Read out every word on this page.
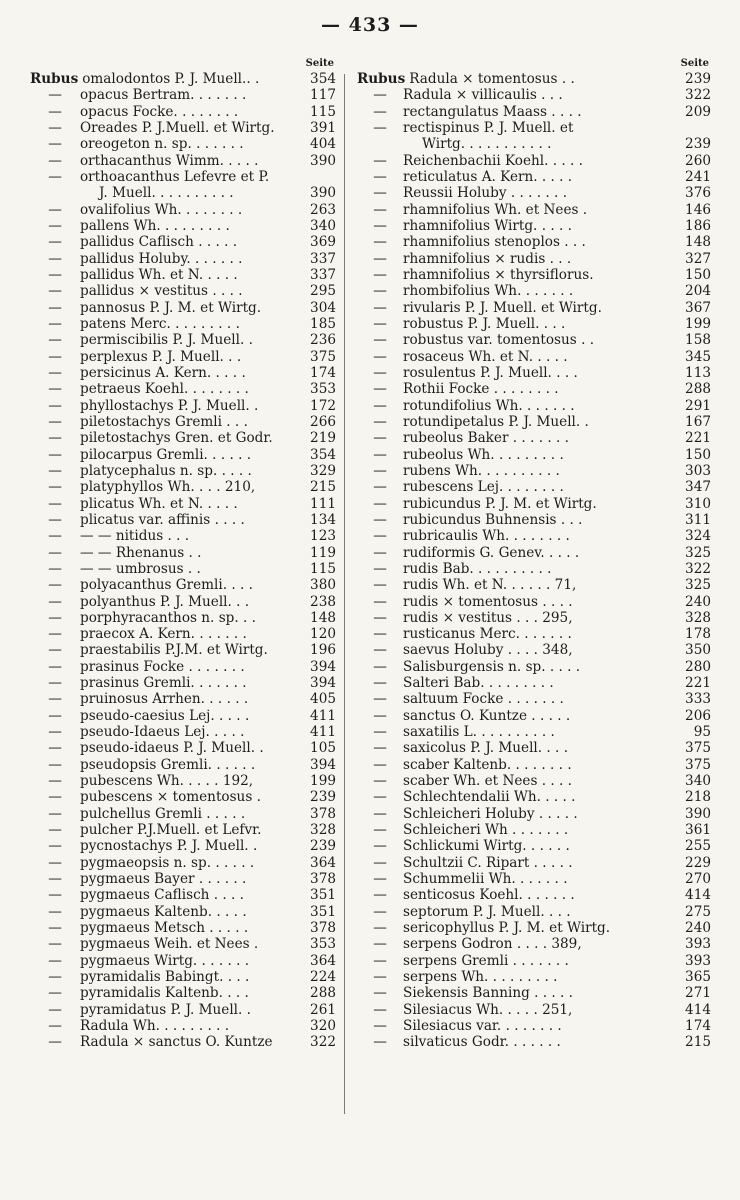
— 433 —
Seite
Rubus omalodontos P. J. Muell.. .	354
—	opacus Bertram. . . . . . .	117
—	opacus Focke. . . . . . . .	115
—	Oreades P. J.Muell. et Wirtg.	391
—	oreogeton n. sp. . . . . . .	404
—	orthacanthus Wimm. . . . .	390
—	orthoacanthus Lefevre et P.
J. Muell. . . . . . . . . .	390
—	ovalifolius Wh. . . . . . . .	263
—	pallens Wh. . . . . . . . .	340
—	pallidus Caflisch . . . . .	369
—	pallidus Holuby. . . . . . .	337
—	pallidus Wh. et N. . . . .	337
—	pallidus × vestitus . . . .	295
—	pannosus P. J. M. et Wirtg.	304
—	patens Merc. . . . . . . . .	185
—	permiscibilis P. J. Muell. .	236
—	perplexus P. J. Muell. . .	375
—	persicinus A. Kern. . . . .	174
—	petraeus Koehl. . . . . . . .	353
—	phyllostachys P. J. Muell. .	172
—	piletostachys Gremli . . .	266
—	piletostachys Gren. et Godr.	219
—	pilocarpus Gremli. . . . . .	354
—	platycephalus n. sp. . . . .	329
—	platyphyllos Wh. . . . 210,	215
—	plicatus Wh. et N. . . . .	111
—	plicatus var. affinis . . . .	134
—	— — nitidus . . .	123
—	— — Rhenanus . .	119
—	— — umbrosus . .	115
—	polyacanthus Gremli. . . .	380
—	polyanthus P. J. Muell. . .	238
—	porphyracanthos n. sp. . .	148
—	praecox A. Kern. . . . . . .	120
—	praestabilis P.J.M. et Wirtg.	196
—	prasinus Focke . . . . . . .	394
—	prasinus Gremli. . . . . . .	394
—	pruinosus Arrhen. . . . . .	405
—	pseudo-caesius Lej. . . . .	411
—	pseudo-Idaeus Lej. . . . .	411
—	pseudo-idaeus P. J. Muell. .	105
—	pseudopsis Gremli. . . . . .	394
—	pubescens Wh. . . . . 192,	199
—	pubescens × tomentosus .	239
—	pulchellus Gremli . . . . .	378
—	pulcher P.J.Muell. et Lefvr.	328
—	pycnostachys P. J. Muell. .	239
—	pygmaeopsis n. sp. . . . . .	364
—	pygmaeus Bayer . . . . . .	378
—	pygmaeus Caflisch . . . .	351
—	pygmaeus Kaltenb. . . . .	351
—	pygmaeus Metsch . . . . .	378
—	pygmaeus Weih. et Nees .	353
—	pygmaeus Wirtg. . . . . . .	364
—	pyramidalis Babingt. . . .	224
—	pyramidalis Kaltenb. . . .	288
—	pyramidatus P. J. Muell. .	261
—	Radula Wh. . . . . . . . .	320
—	Radula × sanctus O. Kuntze	322
Seite
Rubus Radula × tomentosus . .	239
—	Radula × villicaulis . . .	322
—	rectangulatus Maass . . . .	209
—	rectispinus P. J. Muell. et
Wirtg. . . . . . . . . . .	239
—	Reichenbachii Koehl. . . . .	260
—	reticulatus A. Kern. . . . .	241
—	Reussii Holuby . . . . . . .	376
—	rhamnifolius Wh. et Nees .	146
—	rhamnifolius Wirtg. . . . .	186
—	rhamnifolius stenoplos . . .	148
—	rhamnifolius × rudis . . .	327
—	rhamnifolius × thyrsiflorus.	150
—	rhombifolius Wh. . . . . . .	204
—	rivularis P. J. Muell. et Wirtg.	367
—	robustus P. J. Muell. . . .	199
—	robustus var. tomentosus . .	158
—	rosaceus Wh. et N. . . . .	345
—	rosulentus P. J. Muell. . . .	113
—	Rothii Focke . . . . . . . .	288
—	rotundifolius Wh. . . . . . .	291
—	rotundipetalus P. J. Muell. .	167
—	rubeolus Baker . . . . . . .	221
—	rubeolus Wh. . . . . . . . .	150
—	rubens Wh. . . . . . . . . .	303
—	rubescens Lej. . . . . . . .	347
—	rubicundus P. J. M. et Wirtg.	310
—	rubicundus Buhnensis . . .	311
—	rubricaulis Wh. . . . . . . .	324
—	rudiformis G. Genev. . . . .	325
—	rudis Bab. . . . . . . . . .	322
—	rudis Wh. et N. . . . . . 71,	325
—	rudis × tomentosus . . . .	240
—	rudis × vestitus . . . 295,	328
—	rusticanus Merc. . . . . . .	178
—	saevus Holuby . . . . 348,	350
—	Salisburgensis n. sp. . . . .	280
—	Salteri Bab. . . . . . . . .	221
—	saltuum Focke . . . . . . .	333
—	sanctus O. Kuntze . . . . .	206
—	saxatilis L. . . . . . . . . .	95
—	saxicolus P. J. Muell. . . .	375
—	scaber Kaltenb. . . . . . . .	375
—	scaber Wh. et Nees . . . .	340
—	Schlechtendalii Wh. . . . .	218
—	Schleicheri Holuby . . . . .	390
—	Schleicheri Wh . . . . . . .	361
—	Schlickumi Wirtg. . . . . .	255
—	Schultzii C. Ripart . . . . .	229
—	Schummelii Wh. . . . . . .	270
—	senticosus Koehl. . . . . . .	414
—	septorum P. J. Muell. . . .	275
—	sericophyllus P. J. M. et Wirtg.	240
—	serpens Godron . . . . 389,	393
—	serpens Gremli . . . . . . .	393
—	serpens Wh. . . . . . . . .	365
—	Siekensis Banning . . . . .	271
—	Silesiacus Wh. . . . . 251,	414
—	Silesiacus var. . . . . . . .	174
—	silvaticus Godr. . . . . . .	215
